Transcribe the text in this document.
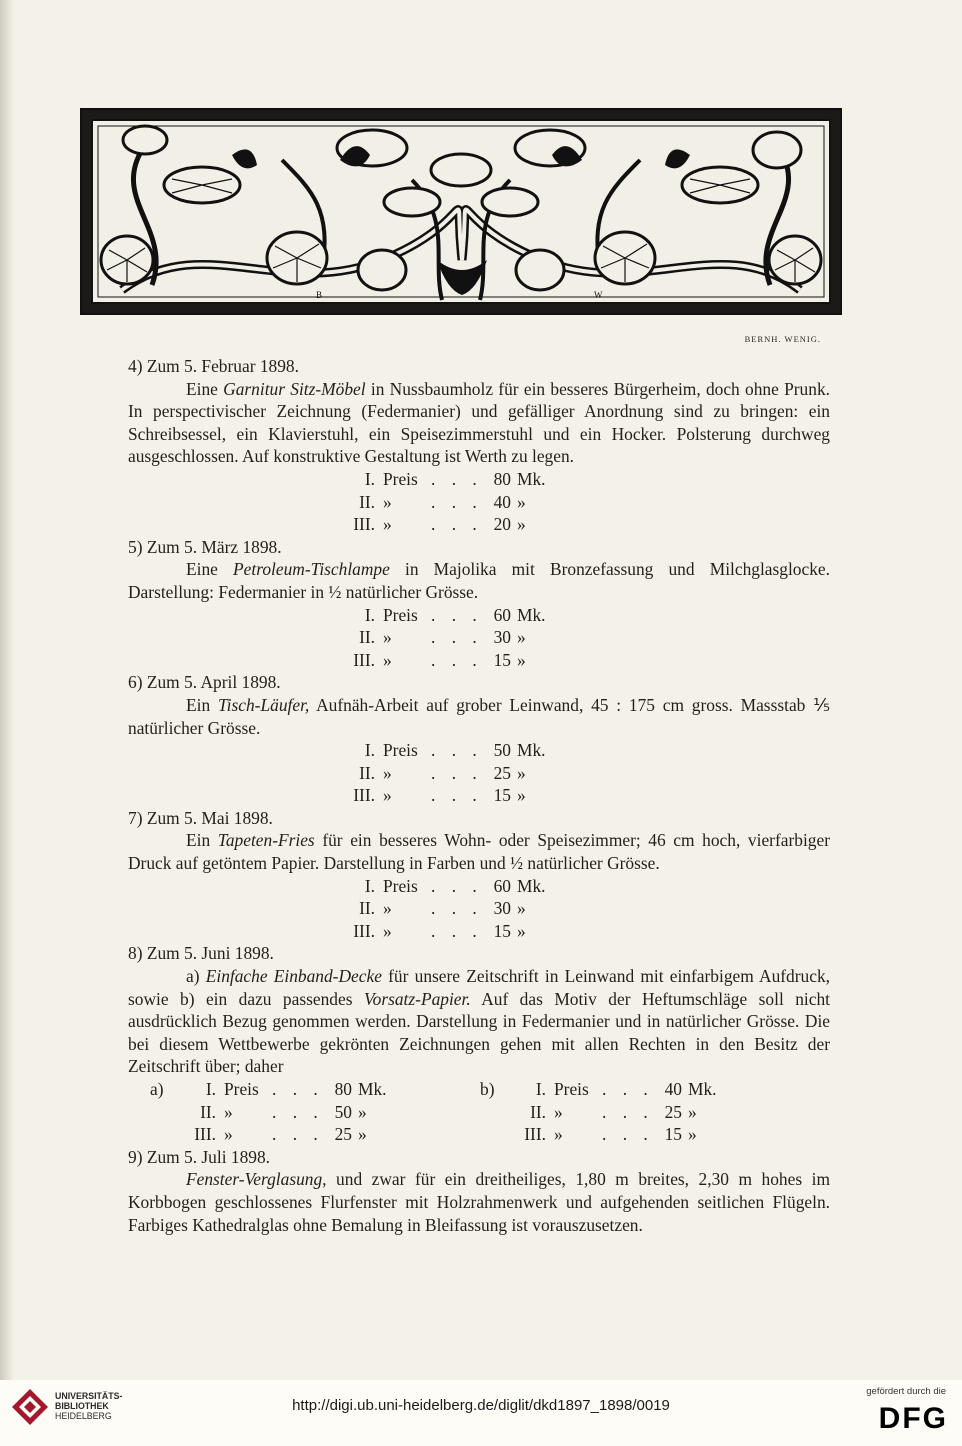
B	W
BERNH. WENIG.
4) Zum 5. Februar 1898.
Eine Garnitur Sitz-Möbel in Nussbaumholz für ein besseres Bürgerheim, doch ohne Prunk. In perspectivischer Zeichnung (Federmanier) und gefälliger Anordnung sind zu bringen: ein Schreibsessel, ein Klavierstuhl, ein Speisezimmerstuhl und ein Hocker. Polsterung durchweg ausgeschlossen. Auf konstruktive Gestaltung ist Werth zu legen.
I. Preis . . . 80 Mk.
II. » . . . 40 »
III. » . . . 20 »
5) Zum 5. März 1898.
Eine Petroleum-Tischlampe in Majolika mit Bronzefassung und Milchglasglocke. Darstellung: Federmanier in ½ natürlicher Grösse.
I. Preis . . . 60 Mk.
II. » . . . 30 »
III. » . . . 15 »
6) Zum 5. April 1898.
Ein Tisch-Läufer, Aufnäh-Arbeit auf grober Leinwand, 45 : 175 cm gross. Massstab ⅕ natürlicher Grösse.
I. Preis . . . 50 Mk.
II. » . . . 25 »
III. » . . . 15 »
7) Zum 5. Mai 1898.
Ein Tapeten-Fries für ein besseres Wohn- oder Speisezimmer; 46 cm hoch, vierfarbiger Druck auf getöntem Papier. Darstellung in Farben und ½ natürlicher Grösse.
I. Preis . . . 60 Mk.
II. » . . . 30 »
III. » . . . 15 »
8) Zum 5. Juni 1898.
a) Einfache Einband-Decke für unsere Zeitschrift in Leinwand mit einfarbigem Aufdruck, sowie b) ein dazu passendes Vorsatz-Papier. Auf das Motiv der Heftumschläge soll nicht ausdrücklich Bezug genommen werden. Darstellung in Federmanier und in natürlicher Grösse. Die bei diesem Wettbewerbe gekrönten Zeichnungen gehen mit allen Rechten in den Besitz der Zeitschrift über; daher
a) I. Preis . . . 80 Mk.
II. » . . . 50 »
III. » . . . 25 »
b) I. Preis . . . 40 Mk.
II. » . . . 25 »
III. » . . . 15 »
9) Zum 5. Juli 1898.
Fenster-Verglasung, und zwar für ein dreitheiliges, 1,80 m breites, 2,30 m hohes im Korbbogen geschlossenes Flurfenster mit Holzrahmenwerk und aufgehenden seitlichen Flügeln. Farbiges Kathedralglas ohne Bemalung in Bleifassung ist vorauszusetzen.
UNIVERSITÄTS-
BIBLIOTHEK
HEIDELBERG
http://digi.ub.uni-heidelberg.de/diglit/dkd1897_1898/0019
gefördert durch die
DFG
